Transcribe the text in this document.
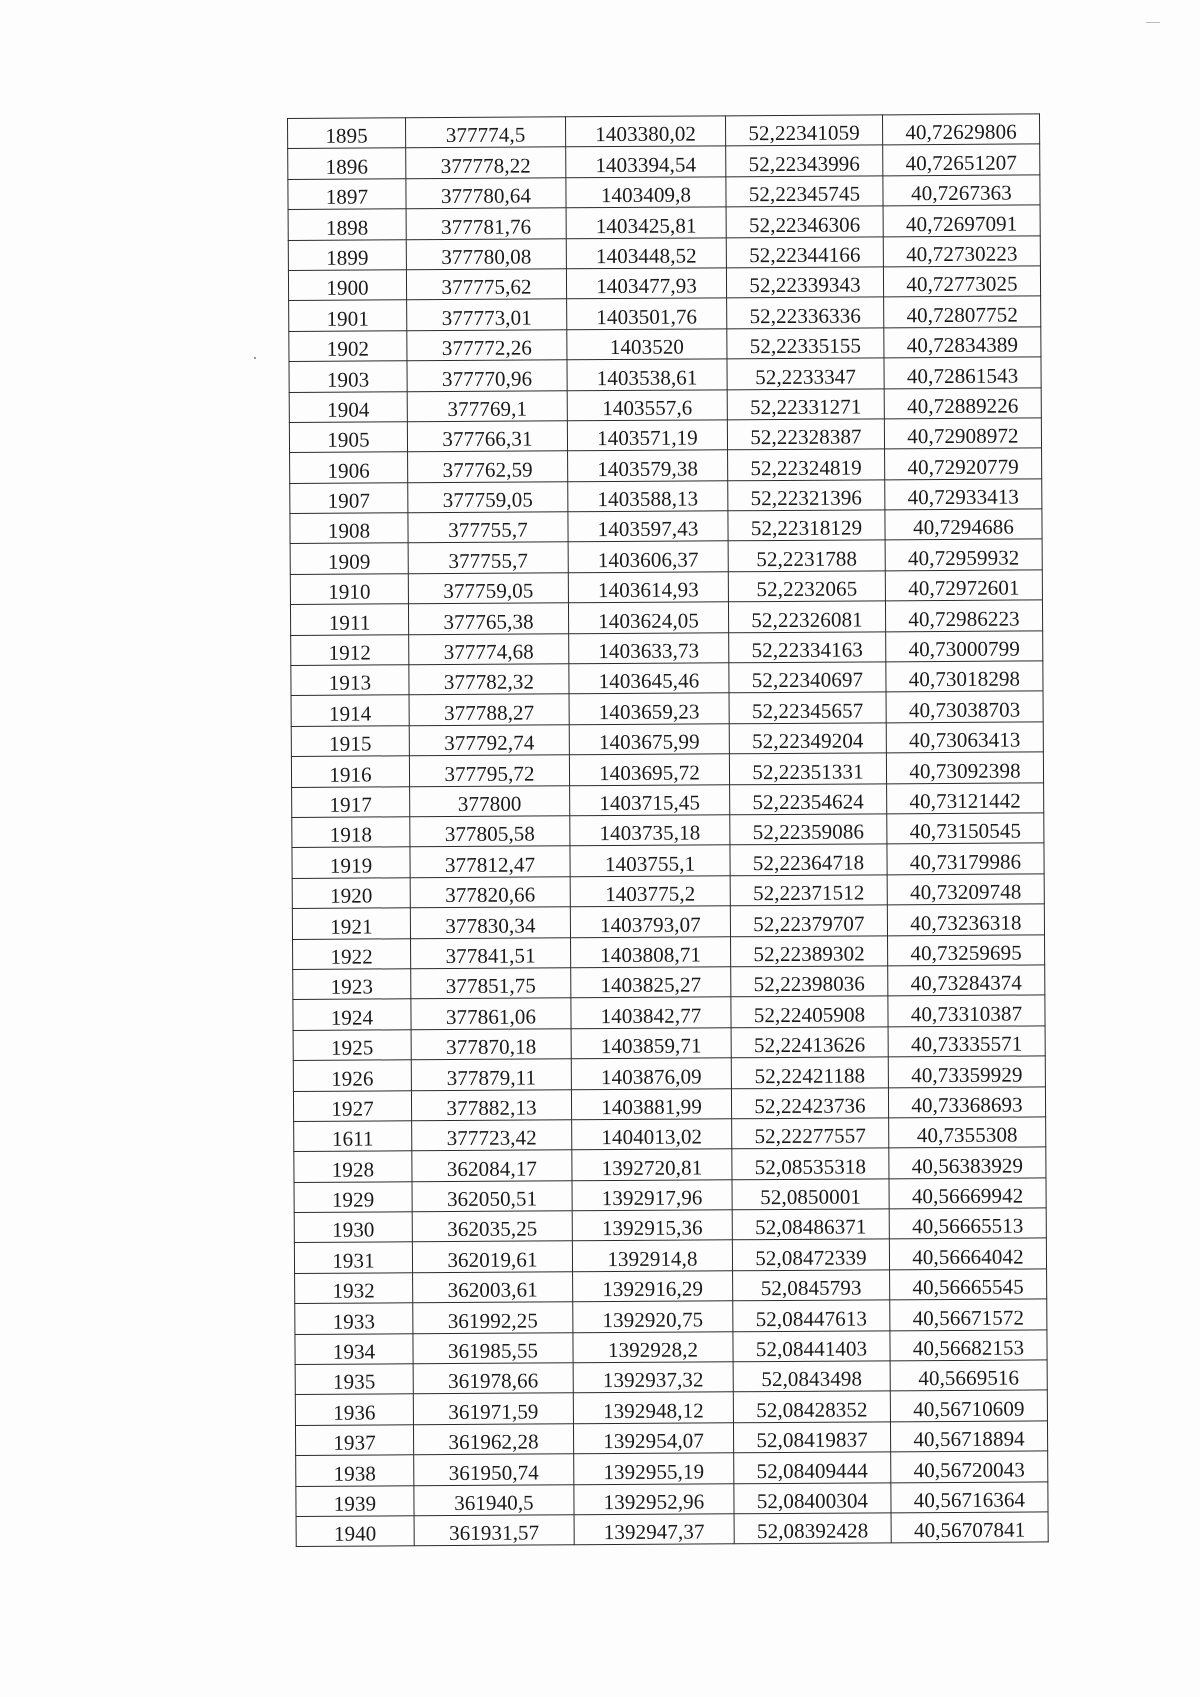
1895	377774,5	1403380,02	52,22341059	40,72629806
1896	377778,22	1403394,54	52,22343996	40,72651207
1897	377780,64	1403409,8	52,22345745	40,7267363
1898	377781,76	1403425,81	52,22346306	40,72697091
1899	377780,08	1403448,52	52,22344166	40,72730223
1900	377775,62	1403477,93	52,22339343	40,72773025
1901	377773,01	1403501,76	52,22336336	40,72807752
1902	377772,26	1403520	52,22335155	40,72834389
1903	377770,96	1403538,61	52,2233347	40,72861543
1904	377769,1	1403557,6	52,22331271	40,72889226
1905	377766,31	1403571,19	52,22328387	40,72908972
1906	377762,59	1403579,38	52,22324819	40,72920779
1907	377759,05	1403588,13	52,22321396	40,72933413
1908	377755,7	1403597,43	52,22318129	40,7294686
1909	377755,7	1403606,37	52,2231788	40,72959932
1910	377759,05	1403614,93	52,2232065	40,72972601
1911	377765,38	1403624,05	52,22326081	40,72986223
1912	377774,68	1403633,73	52,22334163	40,73000799
1913	377782,32	1403645,46	52,22340697	40,73018298
1914	377788,27	1403659,23	52,22345657	40,73038703
1915	377792,74	1403675,99	52,22349204	40,73063413
1916	377795,72	1403695,72	52,22351331	40,73092398
1917	377800	1403715,45	52,22354624	40,73121442
1918	377805,58	1403735,18	52,22359086	40,73150545
1919	377812,47	1403755,1	52,22364718	40,73179986
1920	377820,66	1403775,2	52,22371512	40,73209748
1921	377830,34	1403793,07	52,22379707	40,73236318
1922	377841,51	1403808,71	52,22389302	40,73259695
1923	377851,75	1403825,27	52,22398036	40,73284374
1924	377861,06	1403842,77	52,22405908	40,73310387
1925	377870,18	1403859,71	52,22413626	40,73335571
1926	377879,11	1403876,09	52,22421188	40,73359929
1927	377882,13	1403881,99	52,22423736	40,73368693
1611	377723,42	1404013,02	52,22277557	40,7355308
1928	362084,17	1392720,81	52,08535318	40,56383929
1929	362050,51	1392917,96	52,0850001	40,56669942
1930	362035,25	1392915,36	52,08486371	40,56665513
1931	362019,61	1392914,8	52,08472339	40,56664042
1932	362003,61	1392916,29	52,0845793	40,56665545
1933	361992,25	1392920,75	52,08447613	40,56671572
1934	361985,55	1392928,2	52,08441403	40,56682153
1935	361978,66	1392937,32	52,0843498	40,5669516
1936	361971,59	1392948,12	52,08428352	40,56710609
1937	361962,28	1392954,07	52,08419837	40,56718894
1938	361950,74	1392955,19	52,08409444	40,56720043
1939	361940,5	1392952,96	52,08400304	40,56716364
1940	361931,57	1392947,37	52,08392428	40,56707841
